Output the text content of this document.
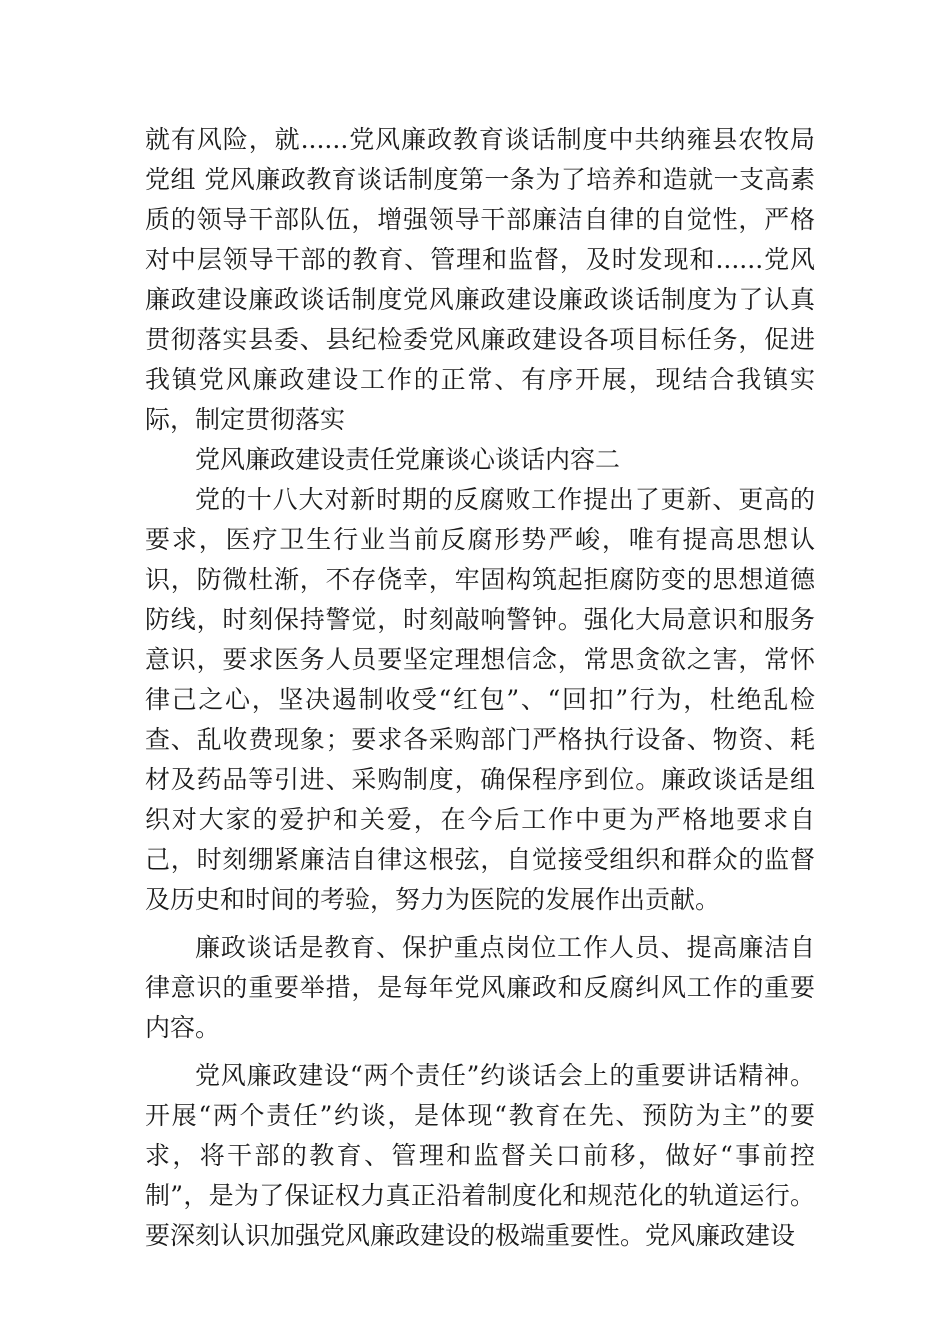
就有风险，就......党风廉政教育谈话制度中共纳雍县农牧局党组 党风廉政教育谈话制度第一条为了培养和造就一支高素质的领导干部队伍，增强领导干部廉洁自律的自觉性，严格对中层领导干部的教育、管理和监督，及时发现和......党风廉政建设廉政谈话制度党风廉政建设廉政谈话制度为了认真贯彻落实县委、县纪检委党风廉政建设各项目标任务，促进我镇党风廉政建设工作的正常、有序开展，现结合我镇实际，制定贯彻落实

党风廉政建设责任党廉谈心谈话内容二

党的十八大对新时期的反腐败工作提出了更新、更高的要求，医疗卫生行业当前反腐形势严峻，唯有提高思想认识，防微杜渐，不存侥幸，牢固构筑起拒腐防变的思想道德防线，时刻保持警觉，时刻敲响警钟。强化大局意识和服务意识，要求医务人员要坚定理想信念，常思贪欲之害，常怀律己之心，坚决遏制收受“红包”、“回扣”行为，杜绝乱检查、乱收费现象；要求各采购部门严格执行设备、物资、耗材及药品等引进、采购制度，确保程序到位。廉政谈话是组织对大家的爱护和关爱，在今后工作中更为严格地要求自己，时刻绷紧廉洁自律这根弦，自觉接受组织和群众的监督及历史和时间的考验，努力为医院的发展作出贡献。

廉政谈话是教育、保护重点岗位工作人员、提高廉洁自律意识的重要举措，是每年党风廉政和反腐纠风工作的重要内容。

党风廉政建设“两个责任”约谈话会上的重要讲话精神。开展“两个责任”约谈，是体现“教育在先、预防为主”的要求，将干部的教育、管理和监督关口前移，做好“事前控制”，是为了保证权力真正沿着制度化和规范化的轨道运行。要深刻认识加强党风廉政建设的极端重要性。党风廉政建设
